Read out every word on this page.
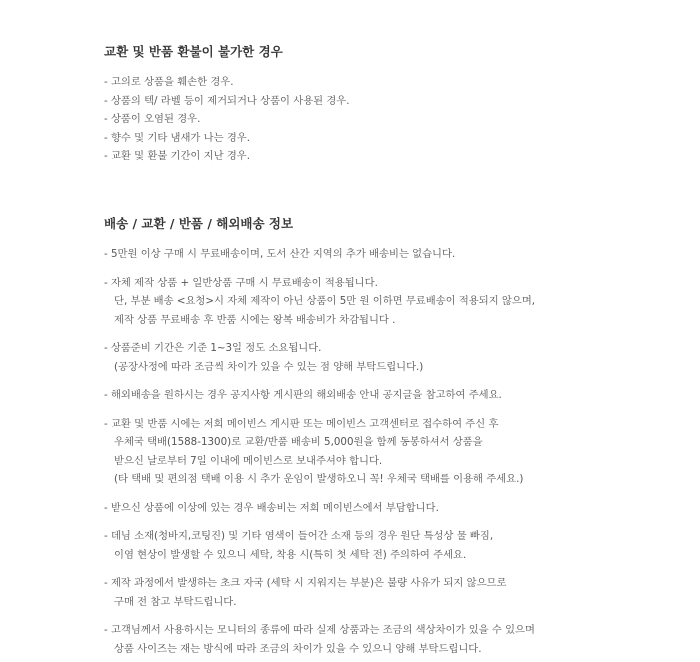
교환 및 반품 환불이 불가한 경우
- 고의로 상품을 훼손한 경우.
- 상품의 텍/ 라벨 등이 제거되거나 상품이 사용된 경우.
- 상품이 오염된 경우.
- 향수 및 기타 냄새가 나는 경우.
- 교환 및 환불 기간이 지난 경우.
배송 / 교환 / 반품 / 해외배송 정보
- 5만원 이상 구매 시 무료배송이며, 도서 산간 지역의 추가 배송비는 없습니다.
- 자체 제작 상품 + 일반상품 구매 시 무료배송이 적용됩니다.
단, 부분 배송 <요청>시 자체 제작이 아닌 상품이 5만 원 이하면 무료배송이 적용되지 않으며,
제작 상품 무료배송 후 반품 시에는 왕복 배송비가 차감됩니다 .
- 상품준비 기간은 기준 1~3일 정도 소요됩니다.
(공장사정에 따라 조금씩 차이가 있을 수 있는 점 양해 부탁드립니다.)
- 해외배송을 원하시는 경우 공지사항 게시판의 해외배송 안내 공지글을 참고하여 주세요.
- 교환 및 반품 시에는 저희 메이빈스 게시판 또는 메이빈스 고객센터로 접수하여 주신 후
우체국 택배(1588-1300)로 교환/반품 배송비 5,000원을 함께 동봉하셔서 상품을
받으신 날로부터 7일 이내에 메이빈스로 보내주셔야 합니다.
(타 택배 및 편의점 택배 이용 시 추가 운임이 발생하오니 꼭! 우체국 택배를 이용해 주세요.)
- 받으신 상품에 이상에 있는 경우 배송비는 저희 메이빈스에서 부담합니다.
- 데님 소재(청바지,코팅진) 및 기타 염색이 들어간 소재 등의 경우 원단 특성상 물 빠짐,
이염 현상이 발생할 수 있으니 세탁, 착용 시(특히 첫 세탁 전) 주의하여 주세요.
- 제작 과정에서 발생하는 초크 자국 (세탁 시 지워지는 부분)은 불량 사유가 되지 않으므로
구매 전 참고 부탁드립니다.
- 고객님께서 사용하시는 모니터의 종류에 따라 실제 상품과는 조금의 색상차이가 있을 수 있으며
상품 사이즈는 재는 방식에 따라 조금의 차이가 있을 수 있으니 양해 부탁드립니다.
